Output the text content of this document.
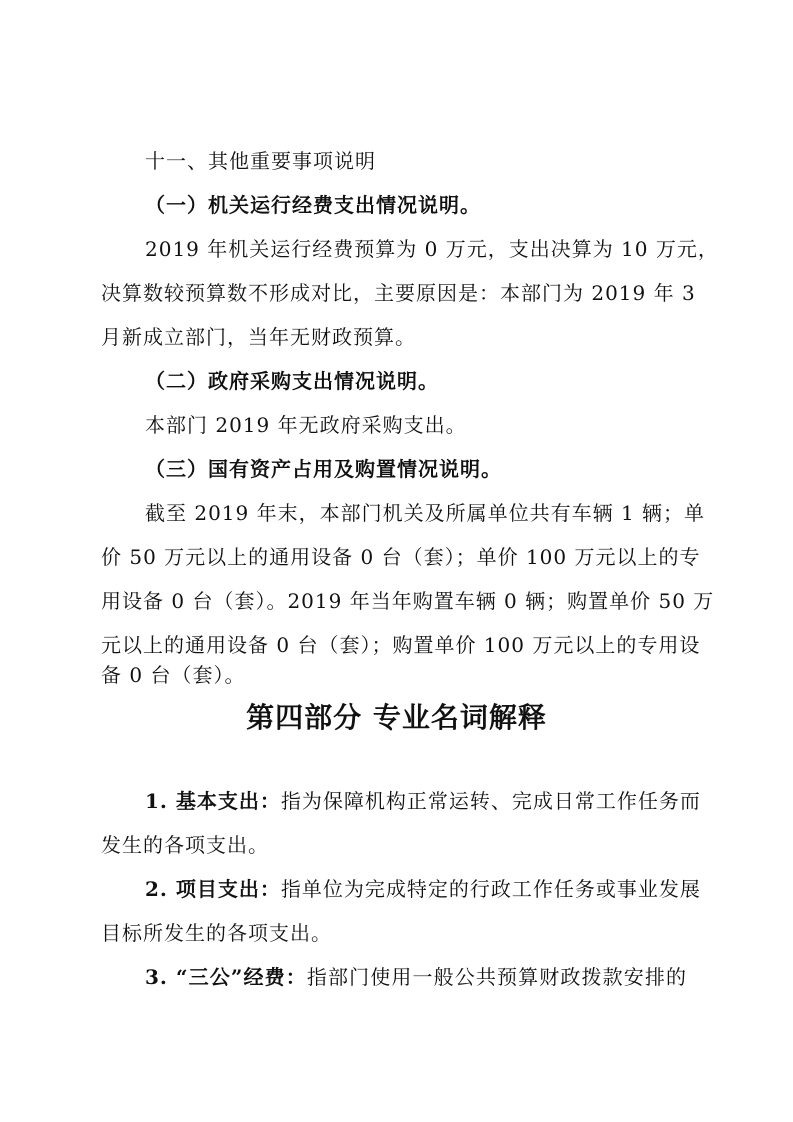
十一、其他重要事项说明

（一）机关运行经费支出情况说明。

2019 年机关运行经费预算为 0 万元，支出决算为 10 万元，

决算数较预算数不形成对比，主要原因是：本部门为 2019 年 3

月新成立部门，当年无财政预算。

（二）政府采购支出情况说明。

本部门 2019 年无政府采购支出。

（三）国有资产占用及购置情况说明。

截至 2019 年末，本部门机关及所属单位共有车辆 1 辆；单

价 50 万元以上的通用设备 0 台（套）；单价 100 万元以上的专

用设备 0 台（套）。2019 年当年购置车辆 0 辆；购置单价 50 万

元以上的通用设备 0 台（套）；购置单价 100 万元以上的专用设

备 0 台（套）。

第四部分 专业名词解释

1. 基本支出：指为保障机构正常运转、完成日常工作任务而

发生的各项支出。

2. 项目支出：指单位为完成特定的行政工作任务或事业发展

目标所发生的各项支出。

3. “三公”经费：指部门使用一般公共预算财政拨款安排的
